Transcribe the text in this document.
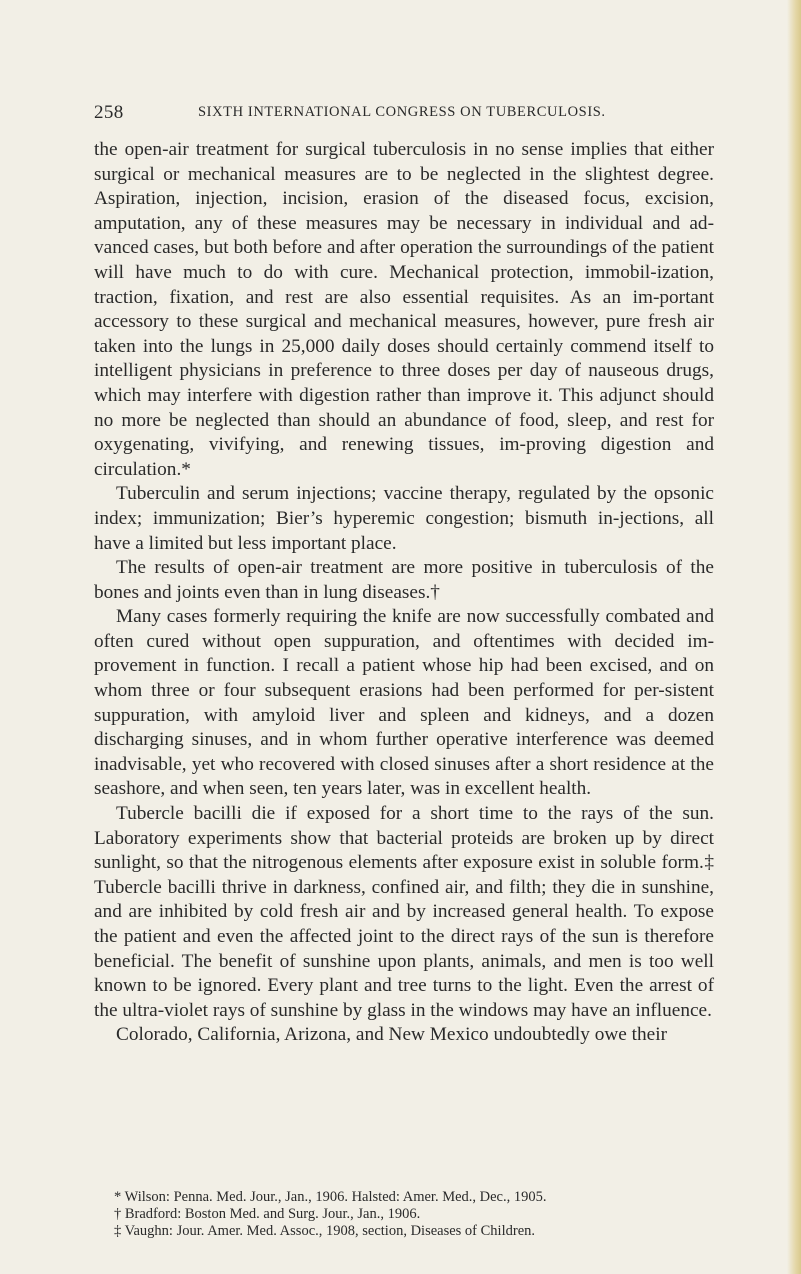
258	SIXTH INTERNATIONAL CONGRESS ON TUBERCULOSIS.

the open-air treatment for surgical tuberculosis in no sense implies that either surgical or mechanical measures are to be neglected in the slightest degree. Aspiration, injection, incision, erasion of the diseased focus, excision, amputation, any of these measures may be necessary in individual and ad-vanced cases, but both before and after operation the surroundings of the patient will have much to do with cure. Mechanical protection, immobil-ization, traction, fixation, and rest are also essential requisites. As an im-portant accessory to these surgical and mechanical measures, however, pure fresh air taken into the lungs in 25,000 daily doses should certainly commend itself to intelligent physicians in preference to three doses per day of nauseous drugs, which may interfere with digestion rather than improve it. This adjunct should no more be neglected than should an abundance of food, sleep, and rest for oxygenating, vivifying, and renewing tissues, im-proving digestion and circulation.*

Tuberculin and serum injections; vaccine therapy, regulated by the opsonic index; immunization; Bier’s hyperemic congestion; bismuth in-jections, all have a limited but less important place.

The results of open-air treatment are more positive in tuberculosis of the bones and joints even than in lung diseases.†

Many cases formerly requiring the knife are now successfully combated and often cured without open suppuration, and oftentimes with decided im-provement in function. I recall a patient whose hip had been excised, and on whom three or four subsequent erasions had been performed for per-sistent suppuration, with amyloid liver and spleen and kidneys, and a dozen discharging sinuses, and in whom further operative interference was deemed inadvisable, yet who recovered with closed sinuses after a short residence at the seashore, and when seen, ten years later, was in excellent health.

Tubercle bacilli die if exposed for a short time to the rays of the sun. Laboratory experiments show that bacterial proteids are broken up by direct sunlight, so that the nitrogenous elements after exposure exist in soluble form.‡ Tubercle bacilli thrive in darkness, confined air, and filth; they die in sunshine, and are inhibited by cold fresh air and by increased general health. To expose the patient and even the affected joint to the direct rays of the sun is therefore beneficial. The benefit of sunshine upon plants, animals, and men is too well known to be ignored. Every plant and tree turns to the light. Even the arrest of the ultra-violet rays of sunshine by glass in the windows may have an influence.

Colorado, California, Arizona, and New Mexico undoubtedly owe their

* Wilson: Penna. Med. Jour., Jan., 1906. Halsted: Amer. Med., Dec., 1905.
† Bradford: Boston Med. and Surg. Jour., Jan., 1906.
‡ Vaughn: Jour. Amer. Med. Assoc., 1908, section, Diseases of Children.
